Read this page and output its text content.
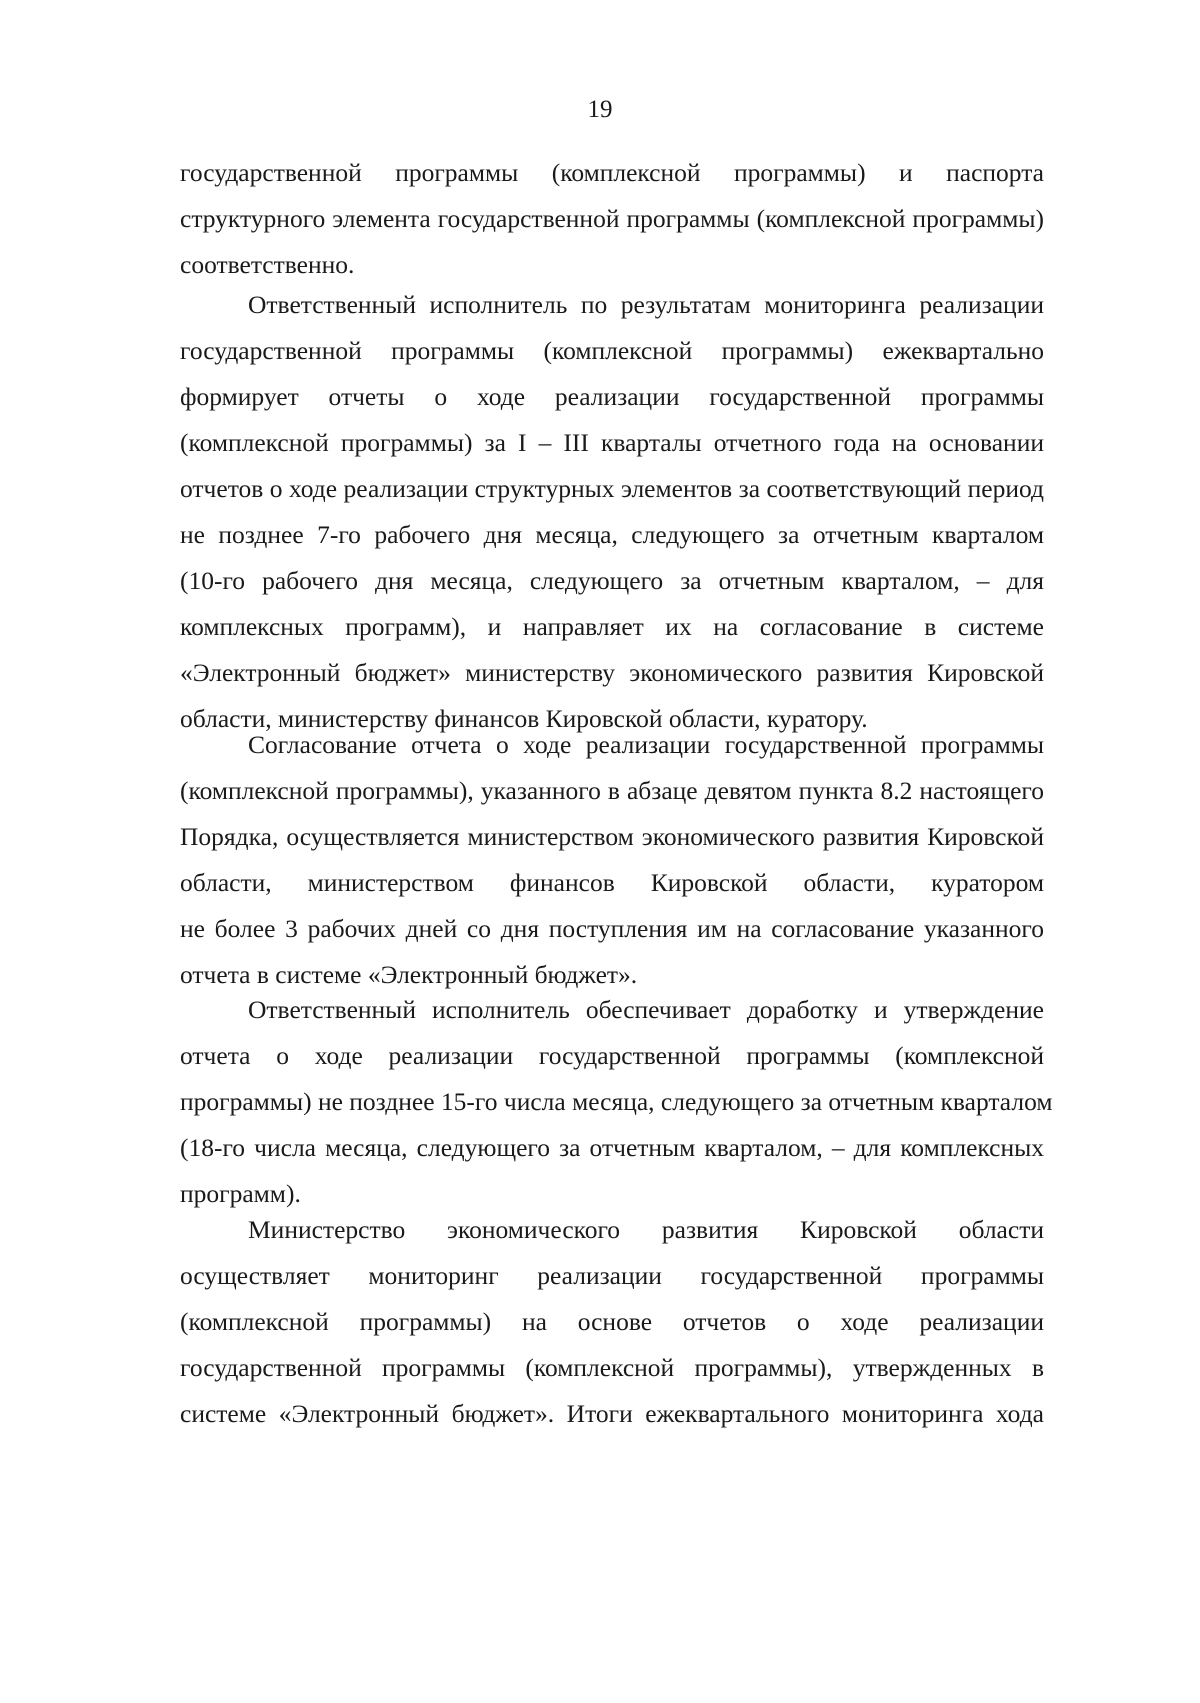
19
государственной программы (комплексной программы) и паспорта
структурного элемента государственной программы (комплексной программы)
соответственно.
Ответственный исполнитель по результатам мониторинга реализации
государственной программы (комплексной программы) ежеквартально
формирует отчеты о ходе реализации государственной программы
(комплексной программы) за I – III кварталы отчетного года на основании
отчетов о ходе реализации структурных элементов за соответствующий период
не позднее 7-го рабочего дня месяца, следующего за отчетным кварталом
(10-го рабочего дня месяца, следующего за отчетным кварталом, – для
комплексных программ), и направляет их на согласование в системе
«Электронный бюджет» министерству экономического развития Кировской
области, министерству финансов Кировской области, куратору.
Согласование отчета о ходе реализации государственной программы
(комплексной программы), указанного в абзаце девятом пункта 8.2 настоящего
Порядка, осуществляется министерством экономического развития Кировской
области, министерством финансов Кировской области, куратором
не более 3 рабочих дней со дня поступления им на согласование указанного
отчета в системе «Электронный бюджет».
Ответственный исполнитель обеспечивает доработку и утверждение
отчета о ходе реализации государственной программы (комплексной
программы) не позднее 15-го числа месяца, следующего за отчетным кварталом
(18-го числа месяца, следующего за отчетным кварталом, – для комплексных
программ).
Министерство экономического развития Кировской области
осуществляет мониторинг реализации государственной программы
(комплексной программы) на основе отчетов о ходе реализации
государственной программы (комплексной программы), утвержденных в
системе «Электронный бюджет». Итоги ежеквартального мониторинга хода
